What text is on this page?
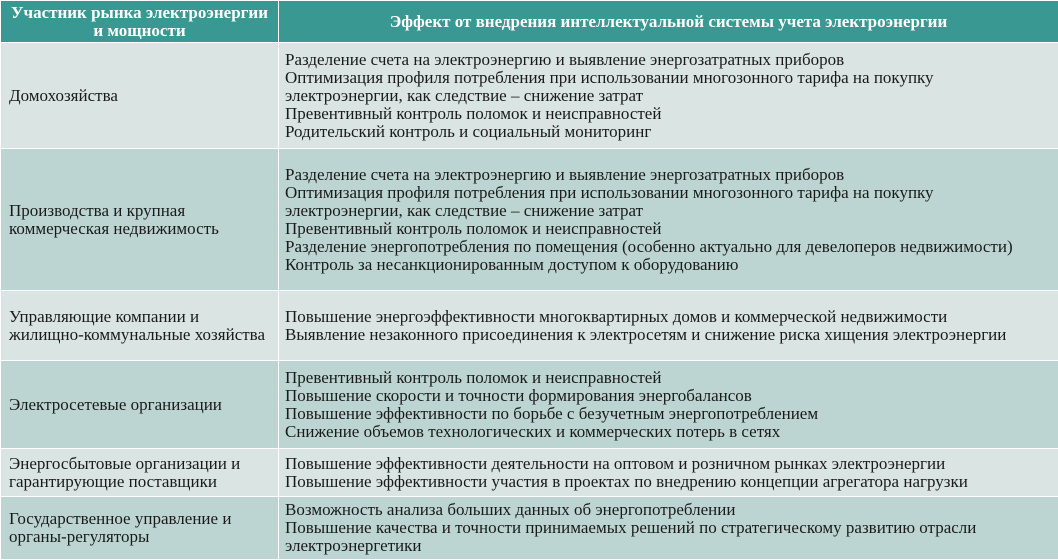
Участник рынка электроэнергии и мощности	Эффект от внедрения интеллектуальной системы учета электроэнергии
Домохозяйства	Разделение счета на электроэнергию и выявление энергозатратных приборов
Оптимизация профиля потребления при использовании многозонного тарифа на покупку электроэнергии, как следствие – снижение затрат
Превентивный контроль поломок и неисправностей
Родительский контроль и социальный мониторинг

Производства и крупная коммерческая недвижимость	Разделение счета на электроэнергию и выявление энергозатратных приборов
Оптимизация профиля потребления при использовании многозонного тарифа на покупку электроэнергии, как следствие – снижение затрат
Превентивный контроль поломок и неисправностей
Разделение энергопотребления по помещения (особенно актуально для девелоперов недвижимости)
Контроль за несанкционированным доступом к оборудованию

Управляющие компании и жилищно-коммунальные хозяйства	Повышение энергоэффективности многоквартирных домов и коммерческой недвижимости
Выявление незаконного присоединения к электросетям и снижение риска хищения электроэнергии

Электросетевые организации	Превентивный контроль поломок и неисправностей
Повышение скорости и точности формирования энергобалансов
Повышение эффективности по борьбе с безучетным энергопотреблением
Снижение объемов технологических и коммерческих потерь в сетях

Энергосбытовые организации и гарантирующие поставщики	Повышение эффективности деятельности на оптовом и розничном рынках электроэнергии
Повышение эффективности участия в проектах по внедрению концепции агрегатора нагрузки

Государственное управление и органы-регуляторы	Возможность анализа больших данных об энергопотреблении
Повышение качества и точности принимаемых решений по стратегическому развитию отрасли электроэнергетики
